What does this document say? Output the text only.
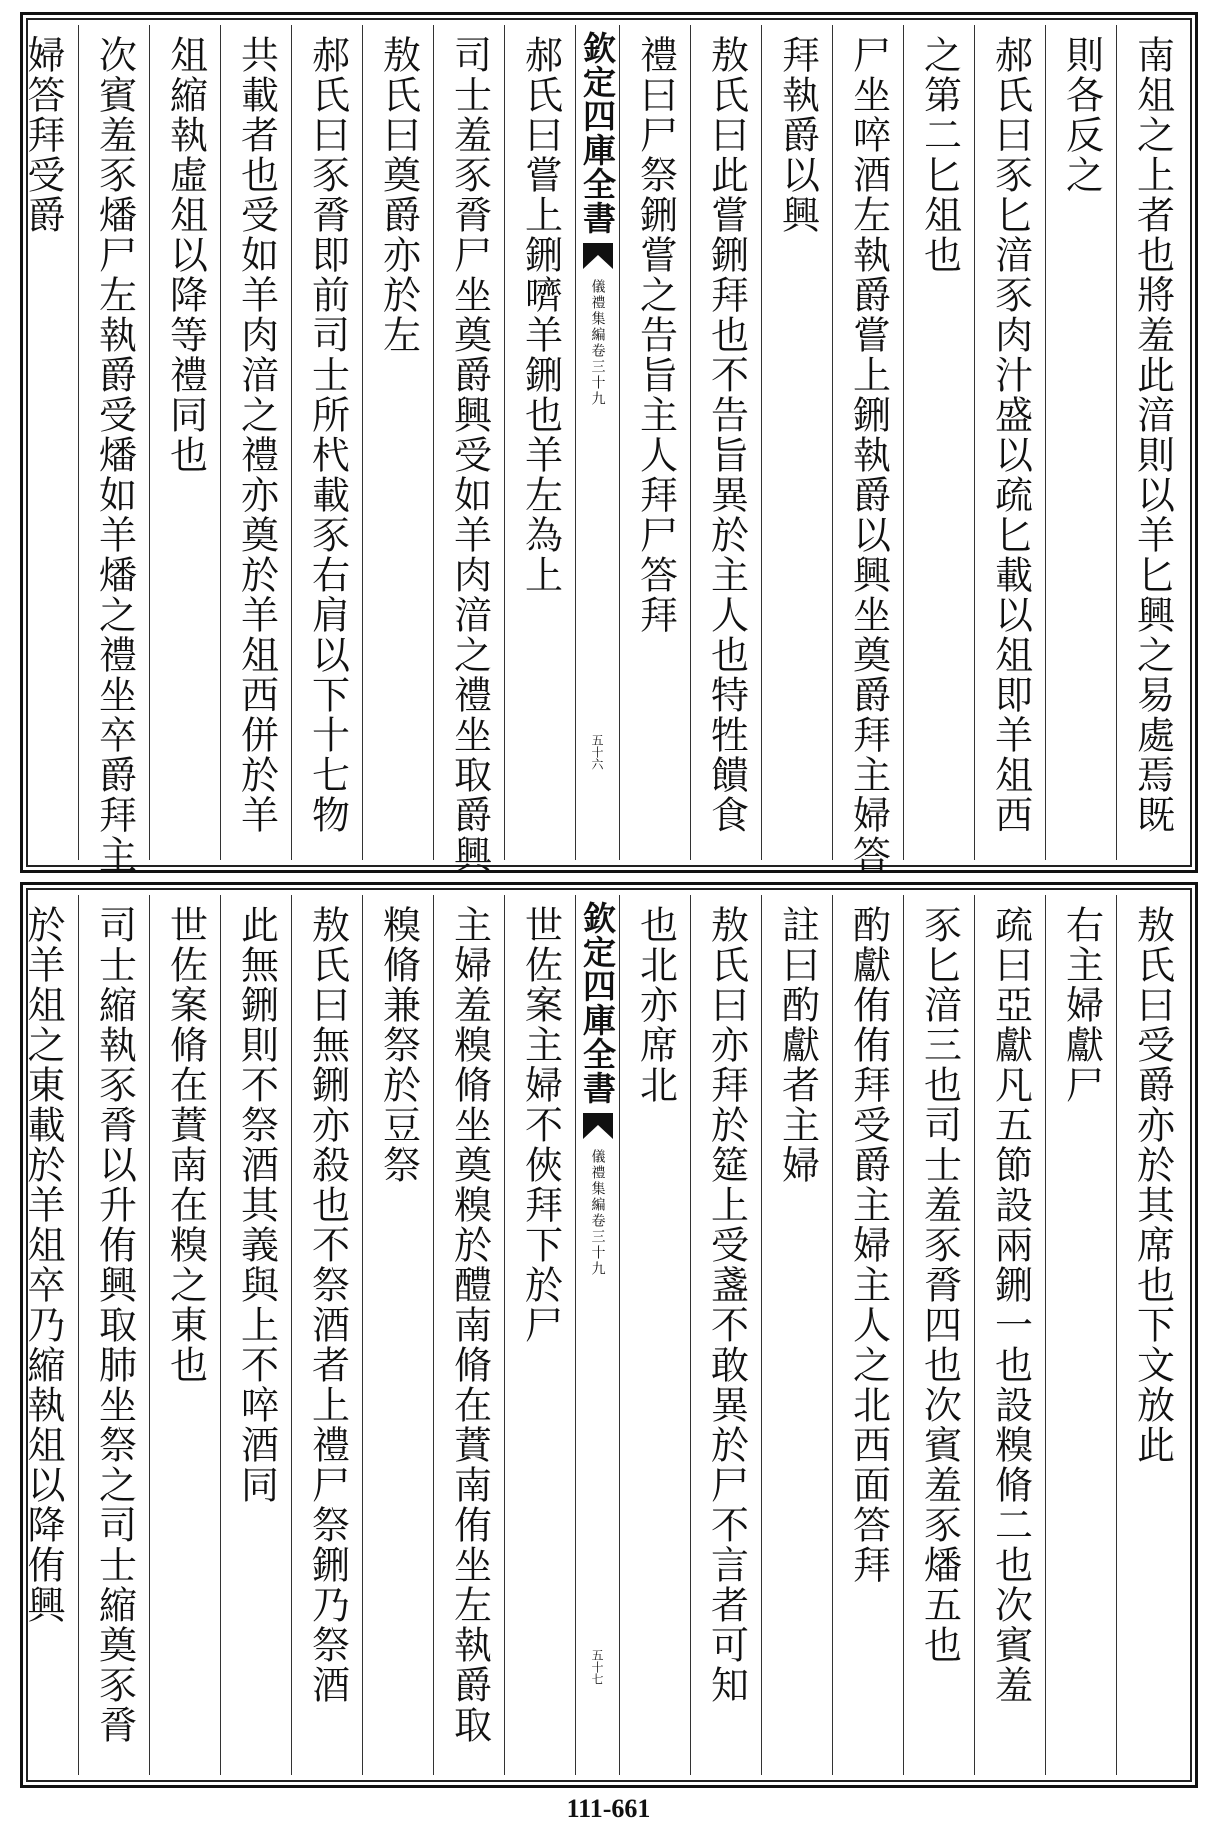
南俎之上者也將羞此湆則以羊匕興之易處焉既
則各反之
郝氏曰豕匕湆豕肉汁盛以疏匕載以俎即羊俎西
之第二匕俎也
尸坐啐酒左執爵嘗上鉶執爵以興坐奠爵拜主婦答
拜執爵以興
敖氏曰此嘗鉶拜也不告旨異於主人也特牲饋食
禮曰尸祭鉶嘗之告旨主人拜尸答拜
欽定四庫全書
儀禮集編
卷三十九
五十六
郝氏曰嘗上鉶嚌羊鉶也羊左為上
司士羞豕脀尸坐奠爵興受如羊肉湆之禮坐取爵興
敖氏曰奠爵亦於左
郝氏曰豕脀即前司士所杙載豕右肩以下十七物
共載者也受如羊肉湆之禮亦奠於羊俎西併於羊
俎縮執虛俎以降等禮同也
次賓羞豕燔尸左執爵受燔如羊燔之禮坐卒爵拜主
婦答拜受爵
敖氏曰受爵亦於其席也下文放此
右主婦獻尸
疏曰亞獻凡五節設兩鉶一也設糗脩二也次賓羞
豕匕湆三也司士羞豕脀四也次賓羞豕燔五也
酌獻侑侑拜受爵主婦主人之北西面答拜
註曰酌獻者主婦
敖氏曰亦拜於筵上受盞不敢異於尸不言者可知
也北亦席北
欽定四庫全書
儀禮集編
卷三十九
五十七
世佐案主婦不俠拜下於尸
主婦羞糗脩坐奠糗於醴南脩在蕡南侑坐左執爵取
糗脩兼祭於豆祭
敖氏曰無鉶亦殺也不祭酒者上禮尸祭鉶乃祭酒
此無鉶則不祭酒其義與上不啐酒同
世佐案脩在蕡南在糗之東也
司士縮執豕脀以升侑興取肺坐祭之司士縮奠豕脀
於羊俎之東載於羊俎卒乃縮執俎以降侑興
111-661
